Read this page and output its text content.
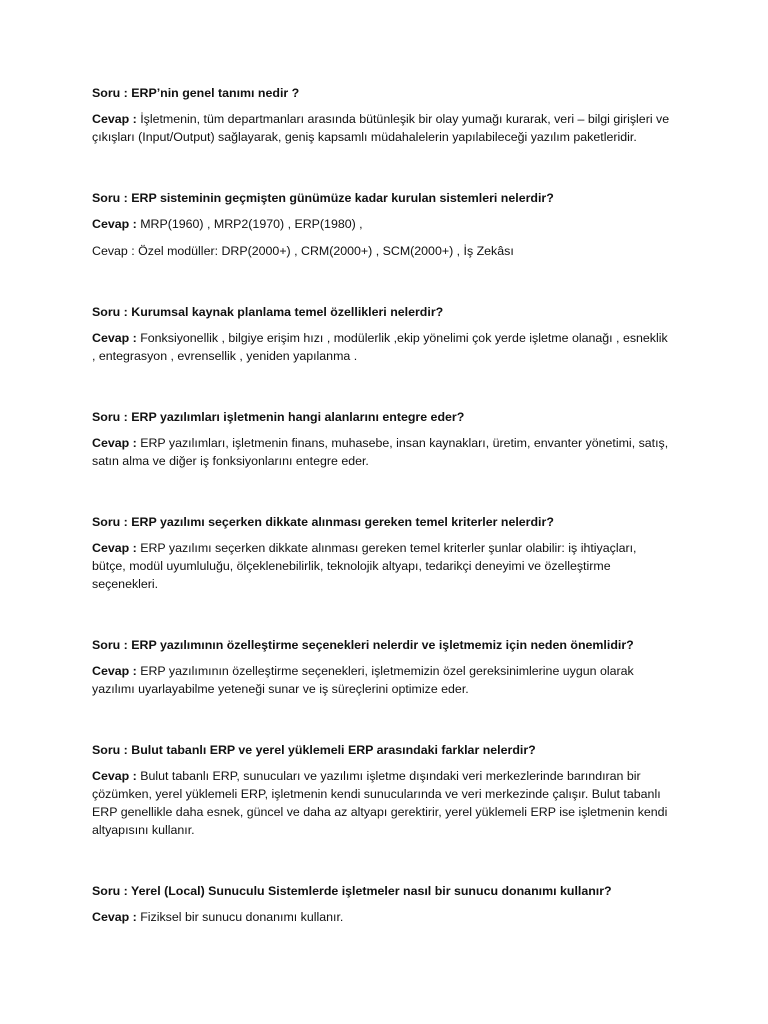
Soru : ERP’nin genel tanımı nedir ?

Cevap : İşletmenin, tüm departmanları arasında bütünleşik bir olay yumağı kurarak, veri – bilgi girişleri ve çıkışları (Input/Output) sağlayarak, geniş kapsamlı müdahalelerin yapılabileceği yazılım paketleridir.

Soru : ERP sisteminin geçmişten günümüze kadar kurulan sistemleri nelerdir?

Cevap : MRP(1960) , MRP2(1970) , ERP(1980) ,

Cevap : Özel modüller: DRP(2000+) , CRM(2000+) , SCM(2000+) , İş Zekâsı

Soru : Kurumsal kaynak planlama temel özellikleri nelerdir?

Cevap : Fonksiyonellik , bilgiye erişim hızı , modülerlik ,ekip yönelimi çok yerde işletme olanağı , esneklik , entegrasyon , evrensellik , yeniden yapılanma .

Soru : ERP yazılımları işletmenin hangi alanlarını entegre eder?

Cevap : ERP yazılımları, işletmenin finans, muhasebe, insan kaynakları, üretim, envanter yönetimi, satış, satın alma ve diğer iş fonksiyonlarını entegre eder.

Soru : ERP yazılımı seçerken dikkate alınması gereken temel kriterler nelerdir?

Cevap : ERP yazılımı seçerken dikkate alınması gereken temel kriterler şunlar olabilir: iş ihtiyaçları, bütçe, modül uyumluluğu, ölçeklenebilirlik, teknolojik altyapı, tedarikçi deneyimi ve özelleştirme seçenekleri.

Soru : ERP yazılımının özelleştirme seçenekleri nelerdir ve işletmemiz için neden önemlidir?

Cevap : ERP yazılımının özelleştirme seçenekleri, işletmemizin özel gereksinimlerine uygun olarak yazılımı uyarlayabilme yeteneği sunar ve iş süreçlerini optimize eder.

Soru : Bulut tabanlı ERP ve yerel yüklemeli ERP arasındaki farklar nelerdir?

Cevap : Bulut tabanlı ERP, sunucuları ve yazılımı işletme dışındaki veri merkezlerinde barındıran bir çözümken, yerel yüklemeli ERP, işletmenin kendi sunucularında ve veri merkezinde çalışır. Bulut tabanlı ERP genellikle daha esnek, güncel ve daha az altyapı gerektirir, yerel yüklemeli ERP ise işletmenin kendi altyapısını kullanır.

Soru : Yerel (Local) Sunuculu Sistemlerde işletmeler nasıl bir sunucu donanımı kullanır?

Cevap : Fiziksel bir sunucu donanımı kullanır.
